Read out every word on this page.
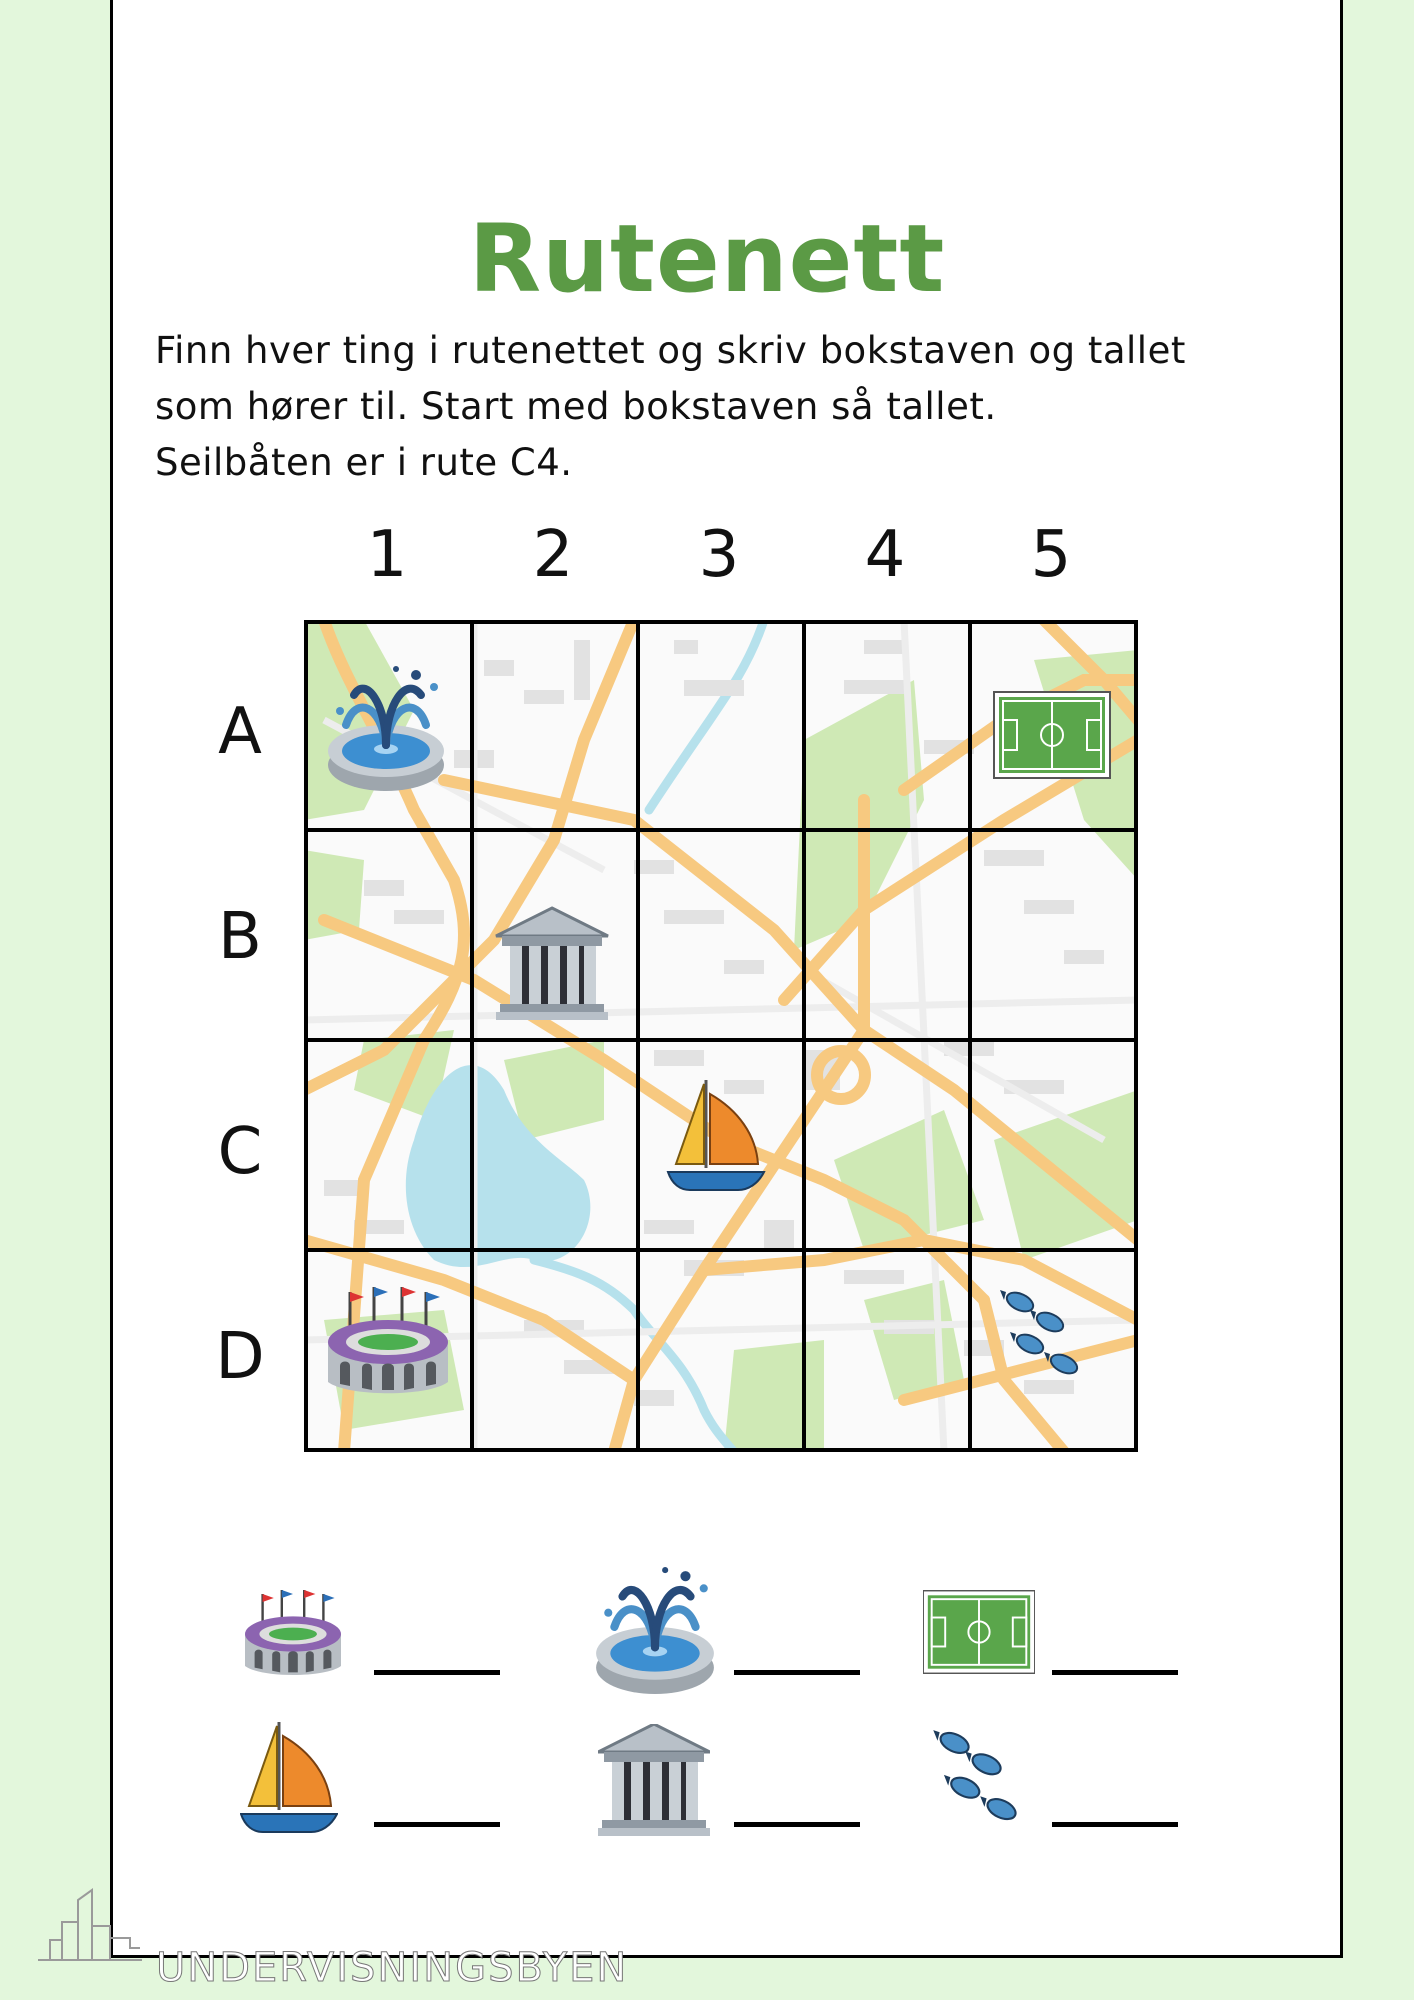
Rutenett
Finn hver ting i rutenettet og skriv bokstaven og tallet
som hører til. Start med bokstaven så tallet.
Seilbåten er i rute C4.
1	2	3	4	5
A
B
C
D
UNDERVISNINGSBYEN
